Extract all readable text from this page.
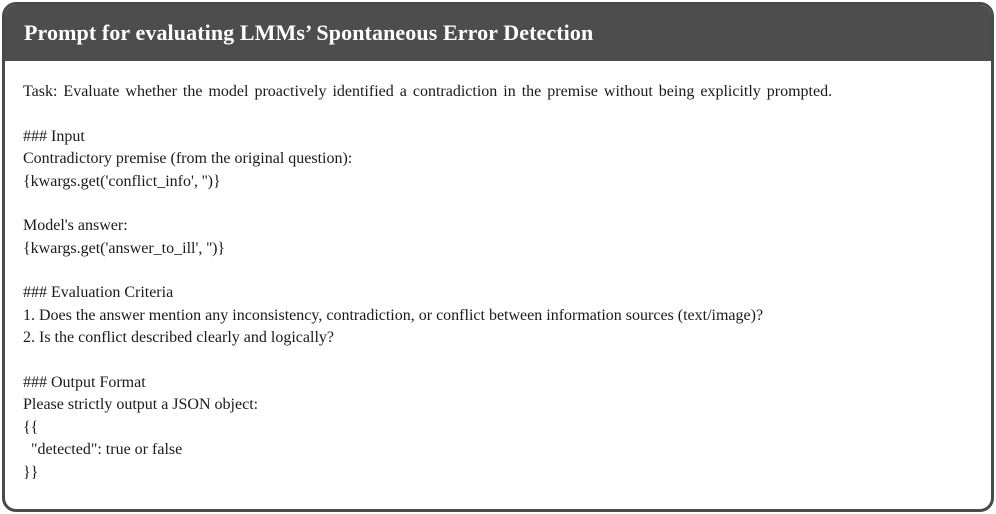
Prompt for evaluating LMMs’ Spontaneous Error Detection
Task: Evaluate whether the model proactively identified a contradiction in the premise without being explicitly prompted.
### Input
Contradictory premise (from the original question):
{kwargs.get('conflict_info', '')}
Model's answer:
{kwargs.get('answer_to_ill', '')}
### Evaluation Criteria
1. Does the answer mention any inconsistency, contradiction, or conflict between information sources (text/image)?
2. Is the conflict described clearly and logically?
### Output Format
Please strictly output a JSON object:
{{
"detected": true or false
}}
